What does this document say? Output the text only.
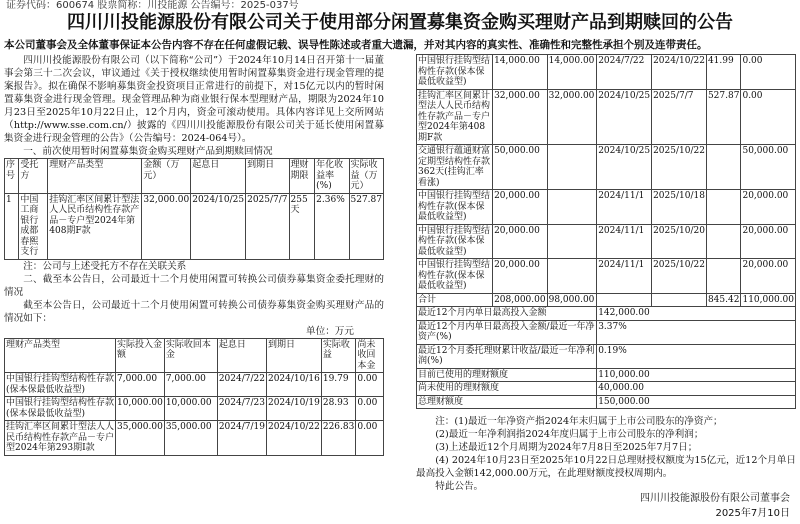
证券代码：600674 股票简称：川投能源 公告编号：2025-037号
四川川投能源股份有限公司关于使用部分闲置募集资金购买理财产品到期赎回的公告
本公司董事会及全体董事保证本公告内容不存在任何虚假记载、误导性陈述或者重大遗漏，并对其内容的真实性、准确性和完整性承担个别及连带责任。

四川川投能源股份有限公司（以下简称“公司”）于2024年10月14日召开第十一届董事会第三十二次会议，审议通过《关于授权继续使用暂时闲置募集资金进行现金管理的提案报告》。拟在确保不影响募集资金投资项目正常进行的前提下，对15亿元以内的暂时闲置募集资金进行现金管理。现金管理品种为商业银行保本型理财产品，期限为2024年10月23日至2025年10月22日止，12个月内，资金可滚动使用。具体内容详见上交所网站（http://www.sse.com.cn/）披露的《四川川投能源股份有限公司关于延长使用闲置募集资金进行现金管理的公告》（公告编号：2024-064号）。

一、前次使用暂时闲置募集资金购买理财产品到期赎回情况

序号	受托方	理财产品类型	金额（万元）	起息日	到期日	理财期限	年化收益率(%)	实际收益（万元）
1	中国工商银行成都春熙支行	挂钩汇率区间累计型法人人民币结构性存款产品－专户型2024年第408期F款	32,000.00	2024/10/25	2025/7/7	255天	2.36%	527.87

注：公司与上述受托方不存在关联关系

二、截至本公告日，公司最近十二个月使用闲置可转换公司债券募集资金委托理财的情况

截至本公告日，公司最近十二个月使用闲置可转换公司债券募集资金购买理财产品的情况如下：

单位：万元
理财产品类型	实际投入金额	实际收回本金	起息日	到期日	实际收益	尚未收回本金
中国银行挂钩型结构性存款(保本保最低收益型)	7,000.00	7,000.00	2024/7/22	2024/10/16	19.79	0.00
中国银行挂钩型结构性存款(保本保最低收益型)	10,000.00	10,000.00	2024/7/23	2024/10/19	28.93	0.00
挂钩汇率区间累计型法人人民币结构性存款产品－专户型2024年第293期I款	35,000.00	35,000.00	2024/7/19	2024/10/22	226.83	0.00
中国银行挂钩型结构性存款(保本保最低收益型)	14,000.00	14,000.00	2024/7/22	2024/10/22	41.99	0.00
挂钩汇率区间累计型法人人民币结构性存款产品－专户型2024年第408期F款	32,000.00	32,000.00	2024/10/25	2025/7/7	527.87	0.00
交通银行蕴通财富定期型结构性存款362天(挂钩汇率看涨)	50,000.00		2024/10/25	2025/10/22		50,000.00
中国银行挂钩型结构性存款(保本保最低收益型)	20,000.00		2024/11/1	2025/10/18		20,000.00
中国银行挂钩型结构性存款(保本保最低收益型)	20,000.00		2024/11/1	2025/10/20		20,000.00
中国银行挂钩型结构性存款(保本保最低收益型)	20,000.00		2024/11/1	2025/10/22		20,000.00
合计	208,000.00	98,000.00			845.42	110,000.00
最近12个月内单日最高投入金额			142,000.00			
最近12个月内单日最高投入金额/最近一年净资产(%)			3.37%			
最近12个月委托理财累计收益/最近一年净利润(%)			0.19%			
目前已使用的理财额度			110,000.00			
尚未使用的理财额度			40,000.00			
总理财额度			150,000.00			

注：(1)最近一年净资产指2024年末归属于上市公司股东的净资产；

(2)最近一年净利润指2024年度归属于上市公司股东的净利润；

(3)上述最近12个月周期为2024年7月8日至2025年7月7日；

(4) 2024年10月23日至2025年10月22日总理财授权额度为15亿元，近12个月单日最高投入金额142,000.00万元，在此理财额度授权周期内。

特此公告。

四川川投能源股份有限公司董事会
2025年7月10日
